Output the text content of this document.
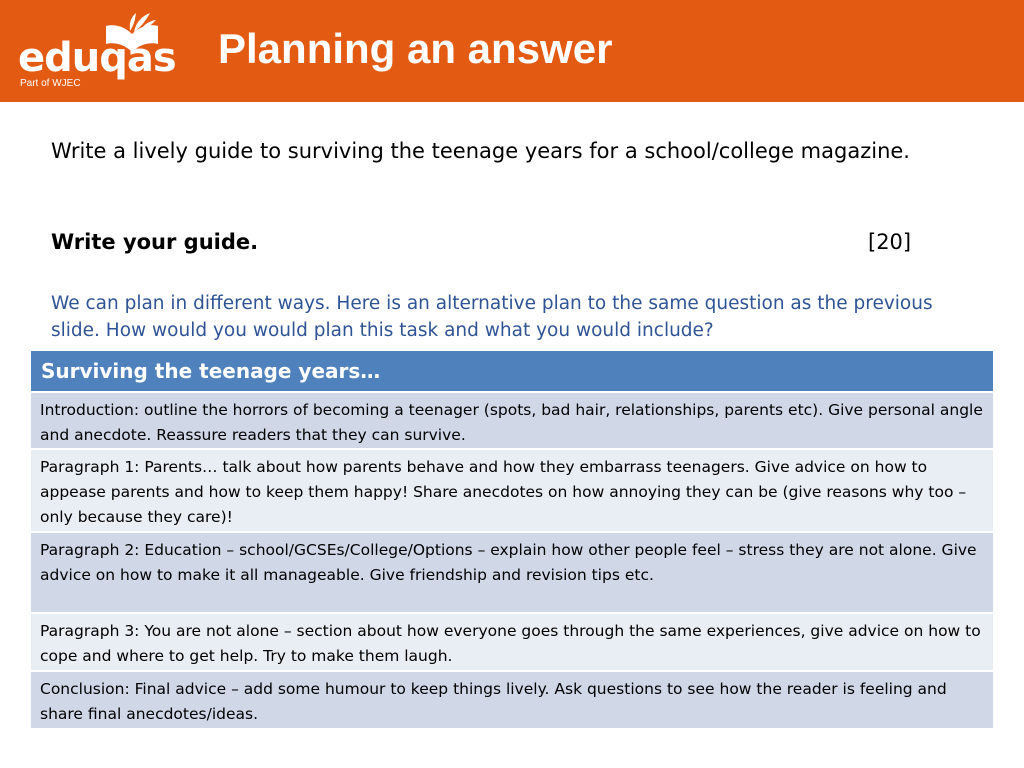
eduqas
Part of WJEC
Planning an answer
Write a lively guide to surviving the teenage years for a school/college magazine.
Write your guide.	[20]
We can plan in different ways. Here is an alternative plan to the same question as the previous slide. How would you would plan this task and what you would include?
Surviving the teenage years…
Introduction: outline the horrors of becoming a teenager (spots, bad hair, relationships, parents etc). Give personal angle and anecdote. Reassure readers that they can survive.
Paragraph 1: Parents… talk about how parents behave and how they embarrass teenagers. Give advice on how to appease parents and how to keep them happy! Share anecdotes on how annoying they can be (give reasons why too – only because they care)!
Paragraph 2: Education – school/GCSEs/College/Options – explain how other people feel – stress they are not alone. Give advice on how to make it all manageable. Give friendship and revision tips etc.
Paragraph 3: You are not alone – section about how everyone goes through the same experiences, give advice on how to cope and where to get help. Try to make them laugh.
Conclusion: Final advice – add some humour to keep things lively. Ask questions to see how the reader is feeling and share final anecdotes/ideas.
